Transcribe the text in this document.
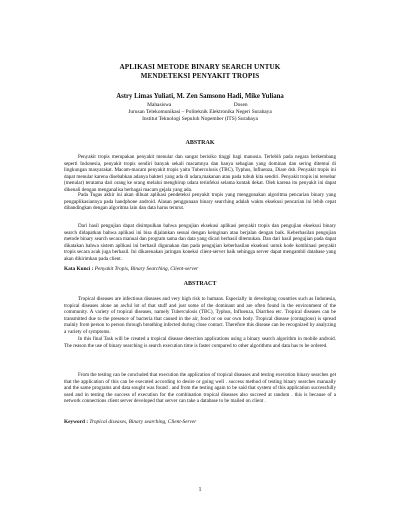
APLIKASI METODE BINARY SEARCH UNTUK
MENDETEKSI PENYAKIT TROPIS
Astry Limas Yuliati, M. Zen Samsono Hadi, Mike Yuliana
Mahasiswa	Dosen
Jurusan Telekomunikasi – Politeknik Elektronika Negeri Surabaya
Institut Teknologi Sepuluh Nopember (ITS) Surabaya
ABSTRAK

Penyakit tropis merupakan penyakit menular dan sangat berisiko tinggi bagi manusia. Terlebih pada negara berkembang seperti Indonesia, penyakit tropis sendiri banyak sekali macamnya dan hanya sebagian yang dominan dan sering ditemui di lingkungan masyarakat. Macam-macam penyakit tropis yaitu Tuberculosis (TBC), Typhus, Influenza, Diare dsb. Penyakit tropis ini dapat menular karena disebabkan adanya bakteri yang ada di udara,makanan atau pada tubuh kita sendiri. Penyakit tropis ini tersebar (menular) teratama dari orang ke orang melalui menghirup udara terinfeksi selama kontak dekat. Oleh karena itu penyakit ini dapat dikenali dengan menganalisa berbagai macam gejala yang ada.

Pada Tugas akhir ini akan dibuat aplikasi pendeteksi penyakit tropis yang menggunakan algoritma pencarian binary yang pengaplikasiannya pada handphone android. Alasan penggunaan binary searching adalah waktu eksekusi pencarian ini lebih cepat dibandingkan dengan algoritma lain dan data harus terurut.

Dari hasil pengujian dapat disimpulkan bahwa pengujian eksekusi aplikasi penyakit tropis dan pengujian eksekusi binary search didapatkan bahwa aplikasi ini bisa dijalankan sesuai dengan keinginan atau berjalan dengan baik. Keberhasilan pengujian metode binary search secara manual dan program sama dan data yang dicari berhasil ditemukan. Dan dari hasil pengujian pada dapat dikatakan bahwa sistem aplikasi ini berhasil digunakan dan pada pengujian keberhasilan eksekusi untuk kode kombinasi penyakit tropis secara acak juga berhasil. Ini dikarenakan jaringan koneksi client-server baik sehingga server dapat mengambil database yang akan dikirimkan pada client.

Kata Kunci : Penyakit Tropis, Binary Searching, Client-server
ABSTRACT

Tropical diseases are infectious diseases and very high risk to humans. Especially in developing countries such as Indonesia, tropical diseases alone an awful lot of that stuff and just some of the dominant and are often found in the environment of the community. A variety of tropical diseases, namely Tuberculosis (TBC), Typhus, Influenza, Diarrhea etc. Tropical diseases can be transmitted due to the presence of bacteria that caused in the air, food or on our own body. Tropical disease (contagious) is spread mainly from person to person through breathing infected during close contact. Therefore this disease can be recognized by analyzing a variety of symptoms.

In this final Task will be created a tropical disease detection applications using a binary search algorithm in mobile android. The reason the use of binary searching is search execution time is faster compared to other algorithms and data has to be ordered.

From the testing can be concluded that execution the application of tropical diseases and testing execution binary searches get that the application of this can be executed according to desire or going well . success method of testing binary searches manually and the same programs and data sought was found . and from the testing again to be said that system of this application successfully used and in testing the success of execution for the combination tropical diseases also succeed at random . this is because of a network connections client server developed that server can take a database to be mailed on client .

Keyword : Tropical diseases, Binary searching, Client-Server
1
